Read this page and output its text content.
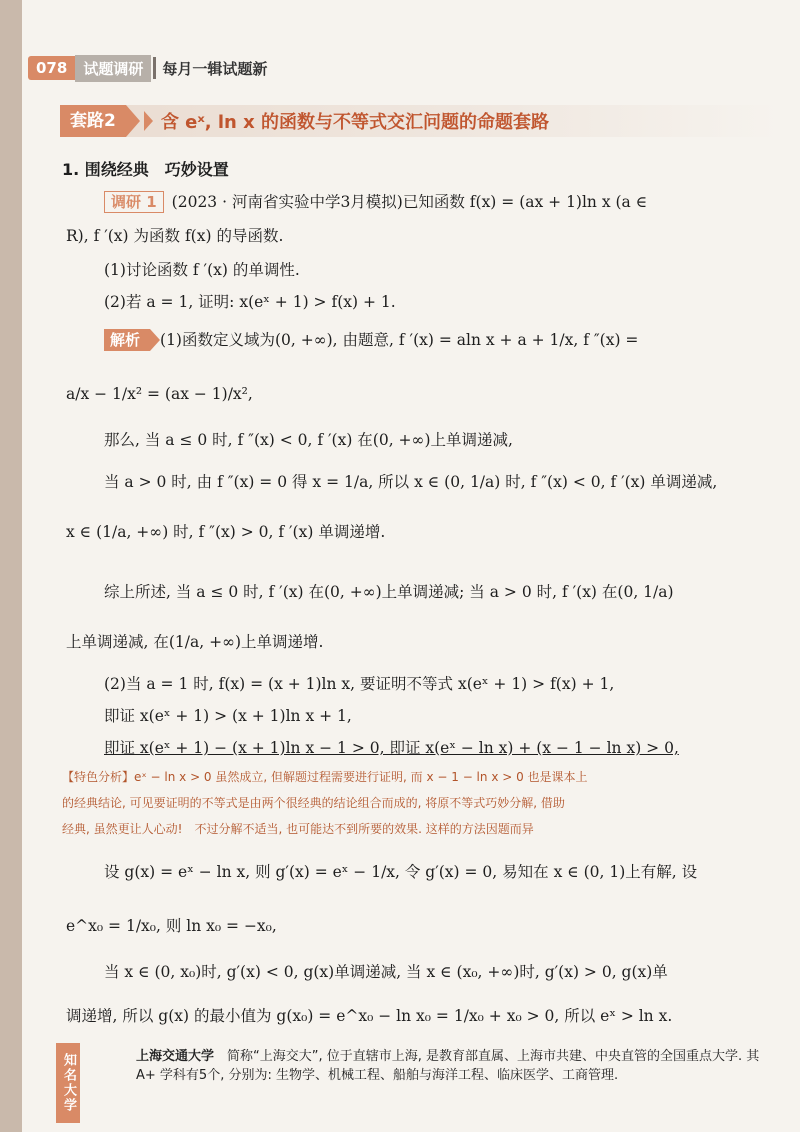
078	试题调研	每月一辑试题新
套路2	含 eˣ, ln x 的函数与不等式交汇问题的命题套路
1. 围绕经典　巧妙设置
调研 1 (2023 · 河南省实验中学3月模拟)已知函数 f(x) = (ax + 1)ln x (a ∈
R), f ′(x) 为函数 f(x) 的导函数.
(1)讨论函数 f ′(x) 的单调性.
(2)若 a = 1, 证明: x(eˣ + 1) > f(x) + 1.
解析 (1)函数定义域为(0, +∞), 由题意, f ′(x) = aln x + a + 1/x, f ″(x) =
a/x − 1/x² = (ax − 1)/x²,
那么, 当 a ≤ 0 时, f ″(x) < 0, f ′(x) 在(0, +∞)上单调递减,
当 a > 0 时, 由 f ″(x) = 0 得 x = 1/a, 所以 x ∈ (0, 1/a) 时, f ″(x) < 0, f ′(x) 单调递减,
x ∈ (1/a, +∞) 时, f ″(x) > 0, f ′(x) 单调递增.
综上所述, 当 a ≤ 0 时, f ′(x) 在(0, +∞)上单调递减; 当 a > 0 时, f ′(x) 在(0, 1/a)
上单调递减, 在(1/a, +∞)上单调递增.
(2)当 a = 1 时, f(x) = (x + 1)ln x, 要证明不等式 x(eˣ + 1) > f(x) + 1,
即证 x(eˣ + 1) > (x + 1)ln x + 1,
即证 x(eˣ + 1) − (x + 1)ln x − 1 > 0, 即证 x(eˣ − ln x) + (x − 1 − ln x) > 0,
【特色分析】eˣ − ln x > 0 虽然成立, 但解题过程需要进行证明, 而 x − 1 − ln x > 0 也是课本上
的经典结论, 可见要证明的不等式是由两个很经典的结论组合而成的, 将原不等式巧妙分解, 借助
经典, 虽然更让人心动!　不过分解不适当, 也可能达不到所要的效果. 这样的方法因题而异
设 g(x) = eˣ − ln x, 则 g′(x) = eˣ − 1/x, 令 g′(x) = 0, 易知在 x ∈ (0, 1)上有解, 设
e^x₀ = 1/x₀, 则 ln x₀ = −x₀,
当 x ∈ (0, x₀)时, g′(x) < 0, g(x)单调递减, 当 x ∈ (x₀, +∞)时, g′(x) > 0, g(x)单
调递增, 所以 g(x) 的最小值为 g(x₀) = e^x₀ − ln x₀ = 1/x₀ + x₀ > 0, 所以 eˣ > ln x.
知名大学	上海交通大学　 简称“上海交大”, 位于直辖市上海, 是教育部直属、上海市共建、中央直管的全国重点大学. 其 A+ 学科有5个, 分别为: 生物学、机械工程、船舶与海洋工程、临床医学、工商管理.
